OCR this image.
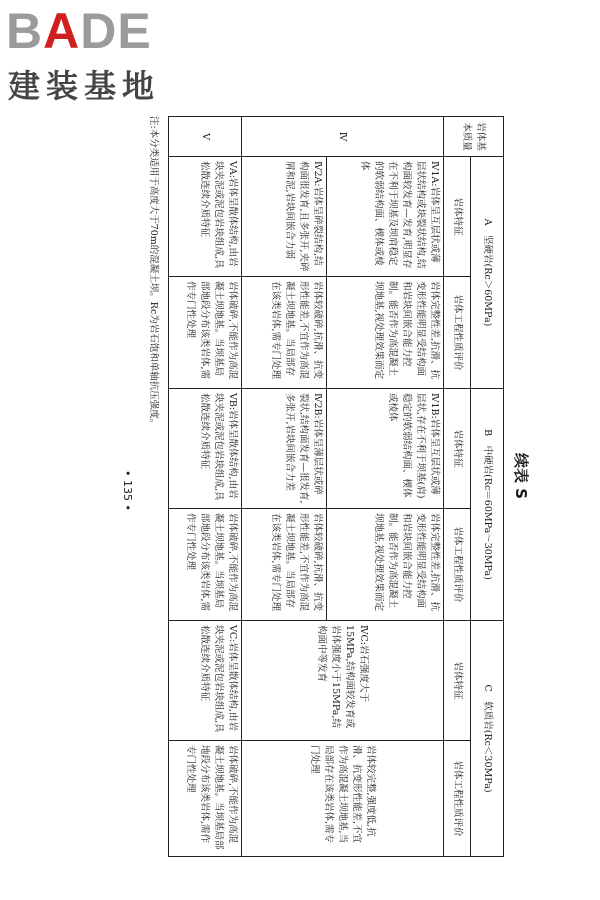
BADE
建装基地
续表 S
岩体基本质量	A　坚硬岩(Rc＞60MPa)		B　中硬岩(Rc＝60MPa～30MPa)		C　软质岩(Rc＜30MPa)	
	岩体特征	岩体工程性质评价	岩体特征	岩体工程性质评价	岩体特征	岩体工程性质评价
Ⅳ	Ⅳ1A:岩体呈互层状或薄层状结构或块裂状结构,结构面较发育—发育,明显存在不利于坝基及坝肩稳定的软弱结构面、楔体或棱体	岩体完整性差,抗滑、抗变形性能明显受结构面和岩块间嵌合能力控制。能否作为高混凝土坝地基,视处理效果而定	Ⅳ1B:岩体呈互层状或薄层状,存在不利于坝基(肩)稳定的软弱结构面、楔体或棱体	岩体完整性差,抗滑、抗变形性能明显受结构面和岩块间嵌合能力控制。能否作为高混凝土坝地基,视处理效果而定	ⅣC:岩石强度大于15MPa,结构面较发育或岩体强度小于15MPa,结构面中等发育	岩体较完整,强度低,抗滑、抗变形性能差,不宜作为高混凝土坝地基,当局部存在该类岩体,需专门处理
	Ⅳ2A:岩体呈碎裂结构,结构面很发育,且多张开,夹碎屑和泥,岩块间嵌合力弱	岩体较破碎,抗滑、抗变形性能差,不宜作为高混凝土坝地基。当局部存在该类岩体,需专门处理	Ⅳ2B:岩体呈薄层状或碎裂状,结构面发育—很发育,多张开,岩块间嵌合力差	岩体较破碎,抗滑、抗变形性能差,不宜作为高混凝土坝地基。当局部存在该类岩体,需专门处理		
Ⅴ	ⅤA:岩体呈散体结构,由岩块夹泥或泥包岩块组成,具松散连续介质特征	岩体破碎,不能作为高混凝土坝地基。当坝基局部地段分布该类岩体,需作专门性处理	ⅤB:岩体呈散体结构,由岩块夹泥或泥包岩块组成,具松散连续介质特征	岩体破碎,不能作为高混凝土坝地基。当坝基局部地段分布该类岩体,需作专门性处理	ⅤC:岩体呈散体结构,由岩块夹泥或泥包岩块组成,具松散连续介质特征	岩体破碎,不能作为高混凝土坝地基。当坝基局部地段分布该类岩体,需作专门性处理
注:本分类适用于高度大于70m的混凝土坝。Rc为岩石饱和单轴抗压强度。
• 135 •
